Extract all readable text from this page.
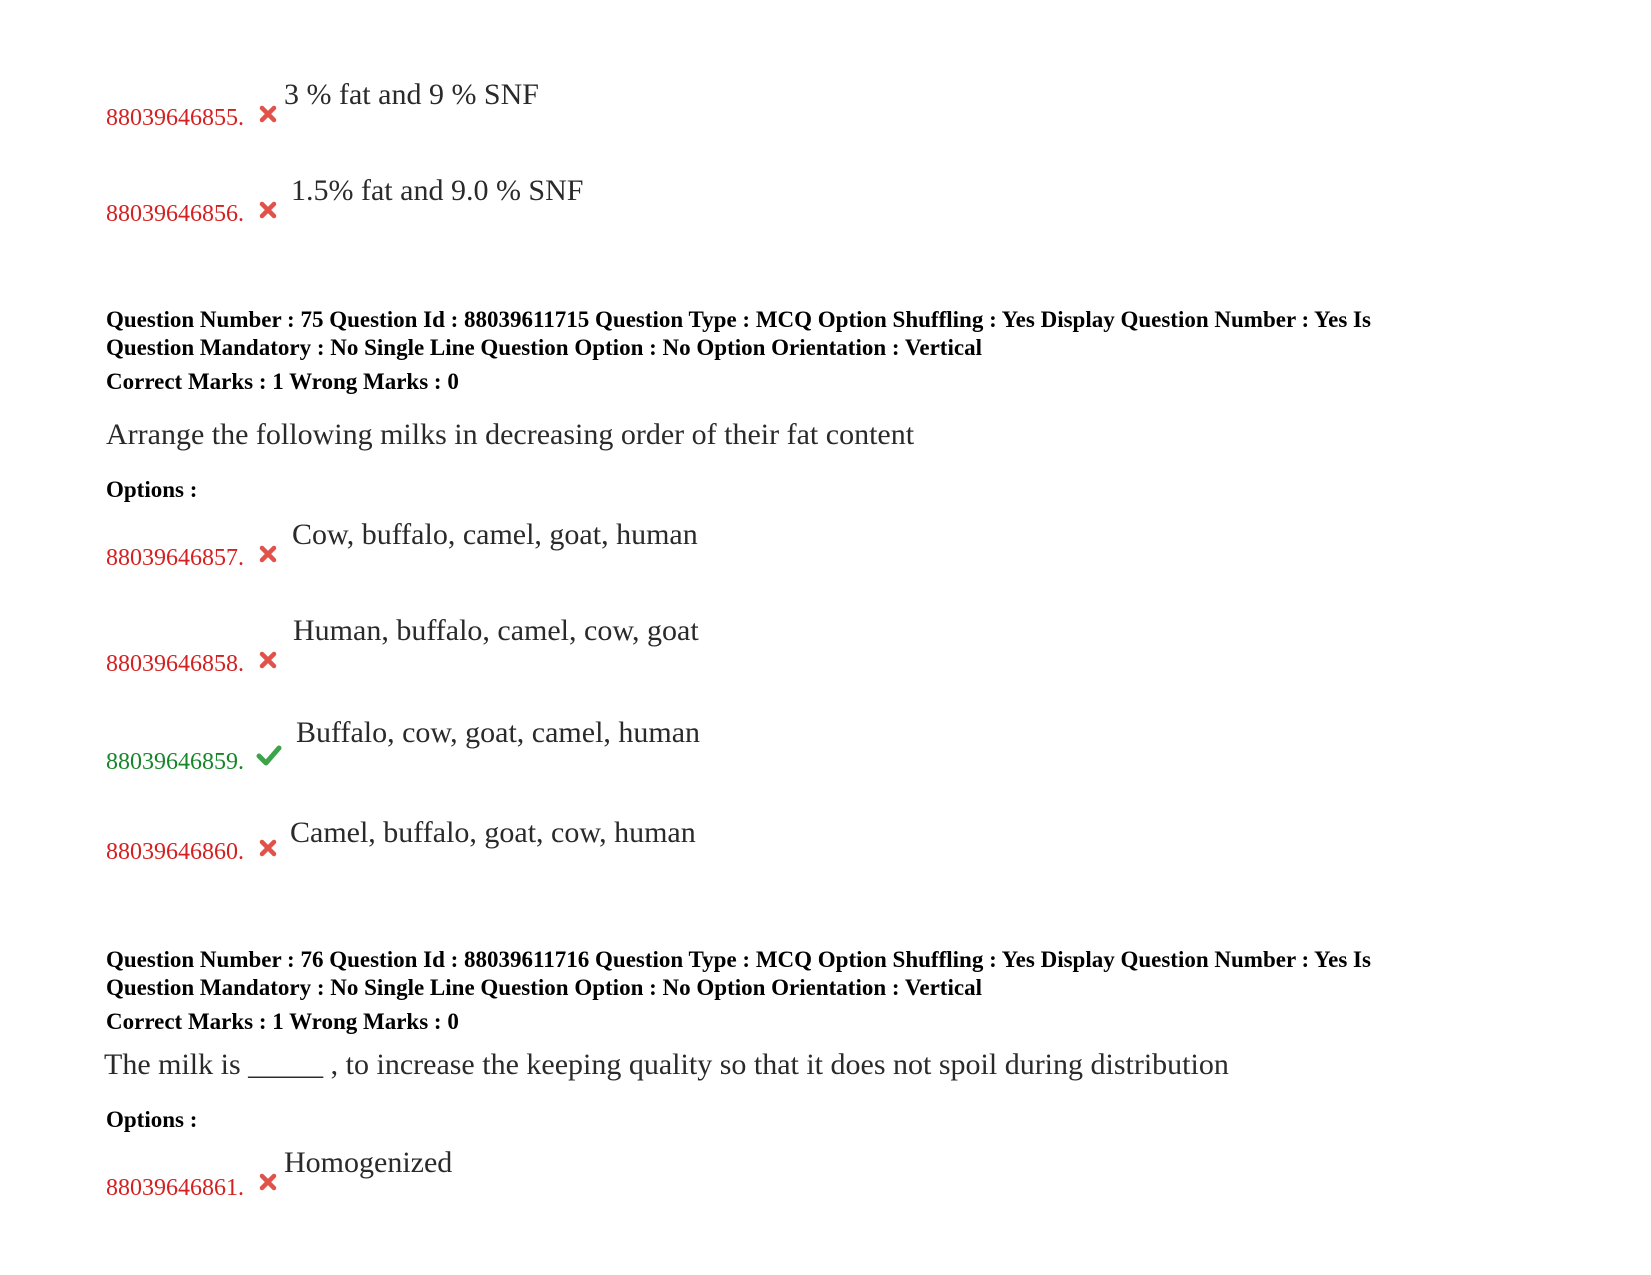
88039646855.
3 % fat and 9 % SNF
88039646856.
1.5% fat and 9.0 % SNF
Question Number : 75 Question Id : 88039611715 Question Type : MCQ Option Shuffling : Yes Display Question Number : Yes Is
Question Mandatory : No Single Line Question Option : No Option Orientation : Vertical
Correct Marks : 1 Wrong Marks : 0
Arrange the following milks in decreasing order of their fat content
Options :
88039646857.
Cow, buffalo, camel, goat, human
88039646858.
Human, buffalo, camel, cow, goat
88039646859.
Buffalo, cow, goat, camel, human
88039646860.
Camel, buffalo, goat, cow, human
Question Number : 76 Question Id : 88039611716 Question Type : MCQ Option Shuffling : Yes Display Question Number : Yes Is
Question Mandatory : No Single Line Question Option : No Option Orientation : Vertical
Correct Marks : 1 Wrong Marks : 0
The milk is _____ , to increase the keeping quality so that it does not spoil during distribution
Options :
88039646861.
Homogenized
